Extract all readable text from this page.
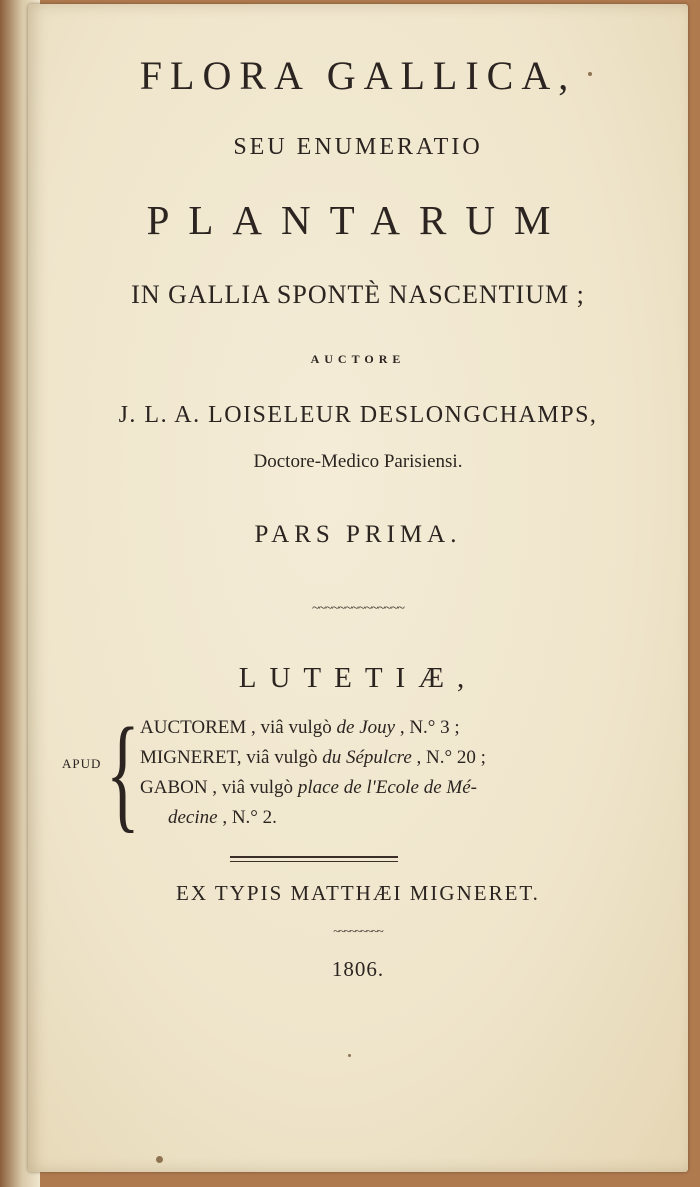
FLORA GALLICA,
SEU ENUMERATIO
PLANTARUM
IN GALLIA SPONTÈ NASCENTIUM ;
AUCTORE
J. L. A. LOISELEUR DESLONGCHAMPS,
Doctore-Medico Parisiensi.
PARS PRIMA.
~~~~~~~~~~~~~~
LUTETIÆ,
APUD { AUCTOREM , viâ vulgò de Jouy , N.° 3 ;
MIGNERET, viâ vulgò du Sépulcre , N.° 20 ;
GABON , viâ vulgò place de l'Ecole de Mé-
decine , N.° 2.
EX TYPIS MATTHÆI MIGNERET.
~~~~~~~~~
1806.
